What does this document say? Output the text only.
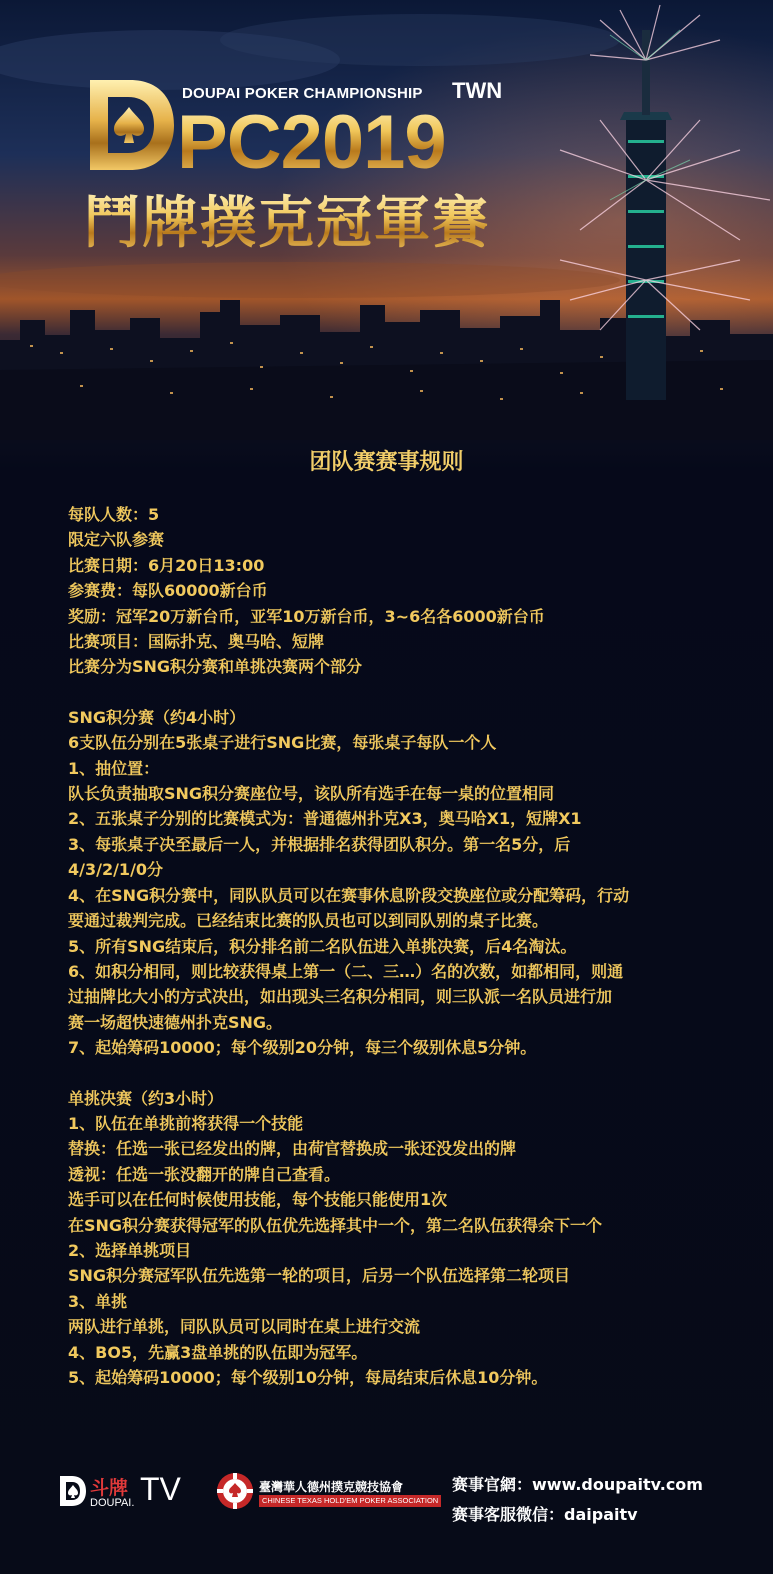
DOUPAI POKER CHAMPIONSHIP TWN
PC2019
鬥牌撲克冠軍賽
团队赛赛事规则
每队人数：5
限定六队参赛
比赛日期：6月20日13:00
参赛费：每队60000新台币
奖励：冠军20万新台币，亚军10万新台币，3~6名各6000新台币
比赛项目：国际扑克、奥马哈、短牌
比赛分为SNG积分赛和单挑决赛两个部分
SNG积分赛（约4小时）
6支队伍分别在5张桌子进行SNG比赛，每张桌子每队一个人
1、抽位置：
队长负责抽取SNG积分赛座位号，该队所有选手在每一桌的位置相同
2、五张桌子分别的比赛模式为：普通德州扑克X3，奥马哈X1，短牌X1
3、每张桌子决至最后一人，并根据排名获得团队积分。第一名5分，后
4/3/2/1/0分
4、在SNG积分赛中，同队队员可以在赛事休息阶段交换座位或分配筹码，行动
要通过裁判完成。已经结束比赛的队员也可以到同队别的桌子比赛。
5、所有SNG结束后，积分排名前二名队伍进入单挑决赛，后4名淘汰。
6、如积分相同，则比较获得桌上第一（二、三…）名的次数，如都相同，则通
过抽牌比大小的方式决出，如出现头三名积分相同，则三队派一名队员进行加
赛一场超快速德州扑克SNG。
7、起始筹码10000；每个级别20分钟，每三个级别休息5分钟。
单挑决赛（约3小时）
1、队伍在单挑前将获得一个技能
替换：任选一张已经发出的牌，由荷官替换成一张还没发出的牌
透视：任选一张没翻开的牌自己查看。
选手可以在任何时候使用技能，每个技能只能使用1次
在SNG积分赛获得冠军的队伍优先选择其中一个，第二名队伍获得余下一个
2、选择单挑项目
SNG积分赛冠军队伍先选第一轮的项目，后另一个队伍选择第二轮项目
3、单挑
两队进行单挑，同队队员可以同时在桌上进行交流
4、BO5，先赢3盘单挑的队伍即为冠军。
5、起始筹码10000；每个级别10分钟，每局结束后休息10分钟。
斗牌 TV
DOUPAI.
臺灣華人德州撲克競技協會
CHINESE TEXAS HOLD'EM POKER ASSOCIATION
赛事官網：www.doupaitv.com
赛事客服微信：daipaitv
